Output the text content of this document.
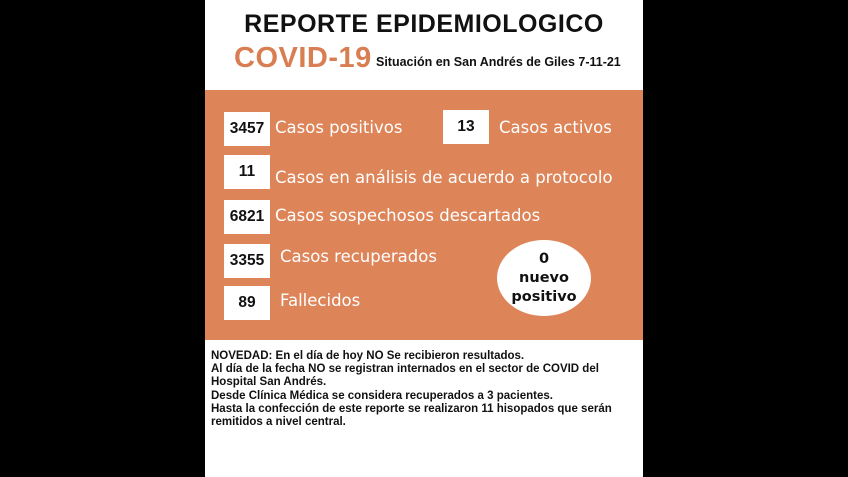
REPORTE EPIDEMIOLOGICO
COVID-19 Situación en San Andrés de Giles 7-11-21
3457 Casos positivos	13	Casos activos
11	Casos en análisis de acuerdo a protocolo
6821 Casos sospechosos descartados
3355 Casos recuperados
89	Fallecidos
0
nuevo
positivo

NOVEDAD: En el día de hoy NO Se recibieron resultados.

Al día de la fecha NO se registran internados en el sector de COVID del Hospital San Andrés.

Desde Clínica Médica se considera recuperados a 3 pacientes.

Hasta la confección de este reporte se realizaron 11 hisopados que serán remitidos a nivel central.
